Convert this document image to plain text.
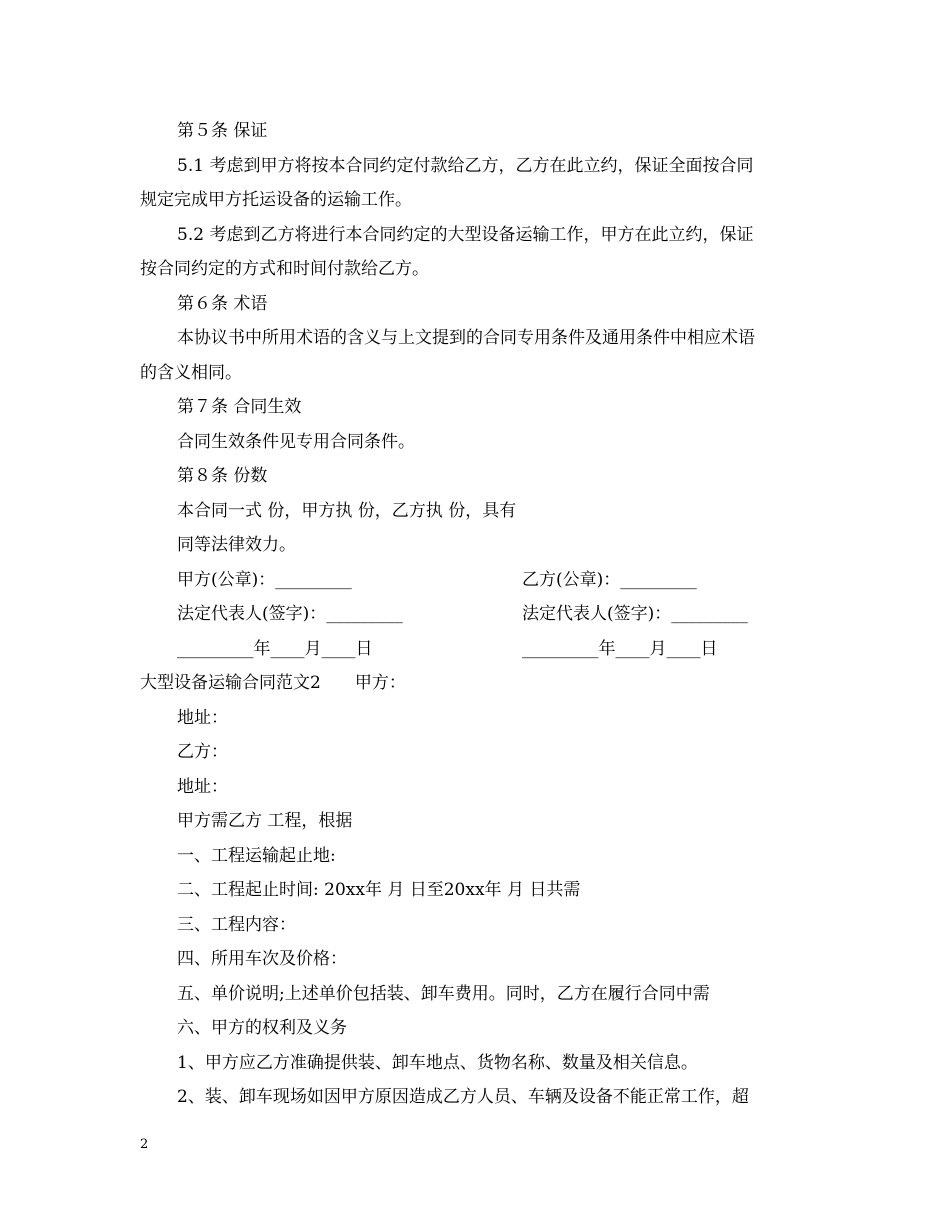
第５条 保证
5.1 考虑到甲方将按本合同约定付款给乙方，乙方在此立约，保证全面按合同
规定完成甲方托运设备的运输工作。
5.2 考虑到乙方将进行本合同约定的大型设备运输工作，甲方在此立约，保证
按合同约定的方式和时间付款给乙方。
第６条 术语
本协议书中所用术语的含义与上文提到的合同专用条件及通用条件中相应术语
的含义相同。
第７条 合同生效
合同生效条件见专用合同条件。
第８条 份数
本合同一式 份，甲方执 份，乙方执 份，具有
同等法律效力。
甲方(公章)：_________	乙方(公章)：_________
法定代表人(签字)：_________	法定代表人(签字)：_________
_________年____月____日	_________年____月____日
大型设备运输合同范文2　　甲方：
地址：
乙方：
地址：
甲方需乙方 工程，根据
一、工程运输起止地:
二、工程起止时间: 20xx年 月 日至20xx年 月 日共需
三、工程内容：
四、所用车次及价格：
五、单价说明;上述单价包括装、卸车费用。同时，乙方在履行合同中需
六、甲方的权利及义务
1、甲方应乙方准确提供装、卸车地点、货物名称、数量及相关信息。
2、装、卸车现场如因甲方原因造成乙方人员、车辆及设备不能正常工作，超
2
